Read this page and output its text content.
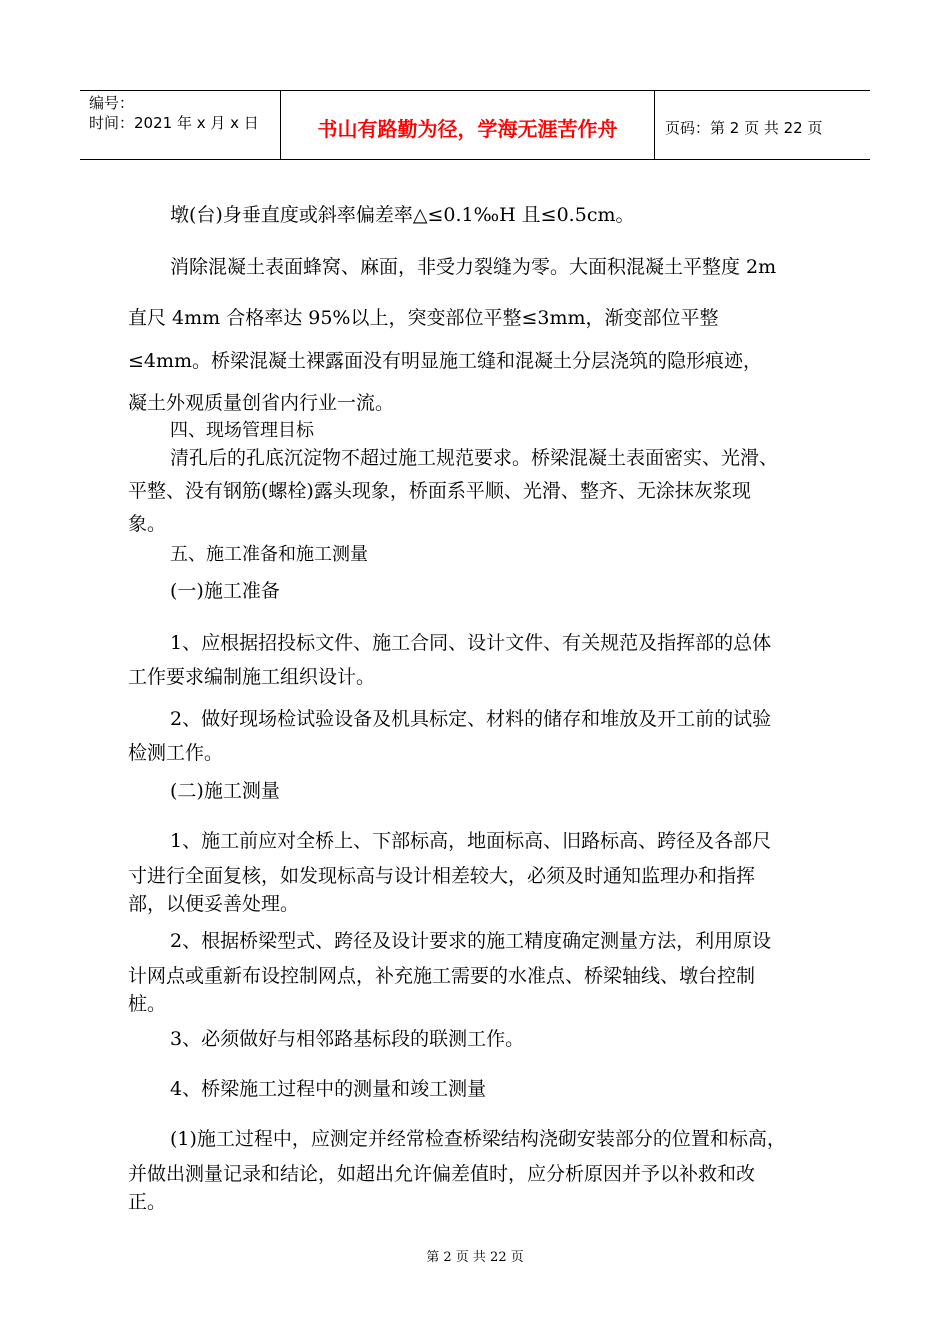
编号：
时间：2021 年 x 月 x 日	书山有路勤为径，学海无涯苦作舟	页码：第 2 页 共 22 页
墩(台)身垂直度或斜率偏差率△≤0.1‰H 且≤0.5cm。
消除混凝土表面蜂窝、麻面，非受力裂缝为零。大面积混凝土平整度 2m
直尺 4mm 合格率达 95%以上，突变部位平整≤3mm，渐变部位平整
≤4mm。桥梁混凝土裸露面没有明显施工缝和混凝土分层浇筑的隐形痕迹，
凝土外观质量创省内行业一流。
四、现场管理目标
清孔后的孔底沉淀物不超过施工规范要求。桥梁混凝土表面密实、光滑、
平整、没有钢筋(螺栓)露头现象，桥面系平顺、光滑、整齐、无涂抹灰浆现
象。
五、施工准备和施工测量
(一)施工准备
1、应根据招投标文件、施工合同、设计文件、有关规范及指挥部的总体
工作要求编制施工组织设计。
2、做好现场检试验设备及机具标定、材料的储存和堆放及开工前的试验
检测工作。
(二)施工测量
1、施工前应对全桥上、下部标高，地面标高、旧路标高、跨径及各部尺
寸进行全面复核，如发现标高与设计相差较大，必须及时通知监理办和指挥
部，以便妥善处理。
2、根据桥梁型式、跨径及设计要求的施工精度确定测量方法，利用原设
计网点或重新布设控制网点，补充施工需要的水准点、桥梁轴线、墩台控制
桩。
3、必须做好与相邻路基标段的联测工作。
4、桥梁施工过程中的测量和竣工测量
(1)施工过程中，应测定并经常检查桥梁结构浇砌安装部分的位置和标高，
并做出测量记录和结论，如超出允许偏差值时，应分析原因并予以补救和改
正。
第 2 页 共 22 页
